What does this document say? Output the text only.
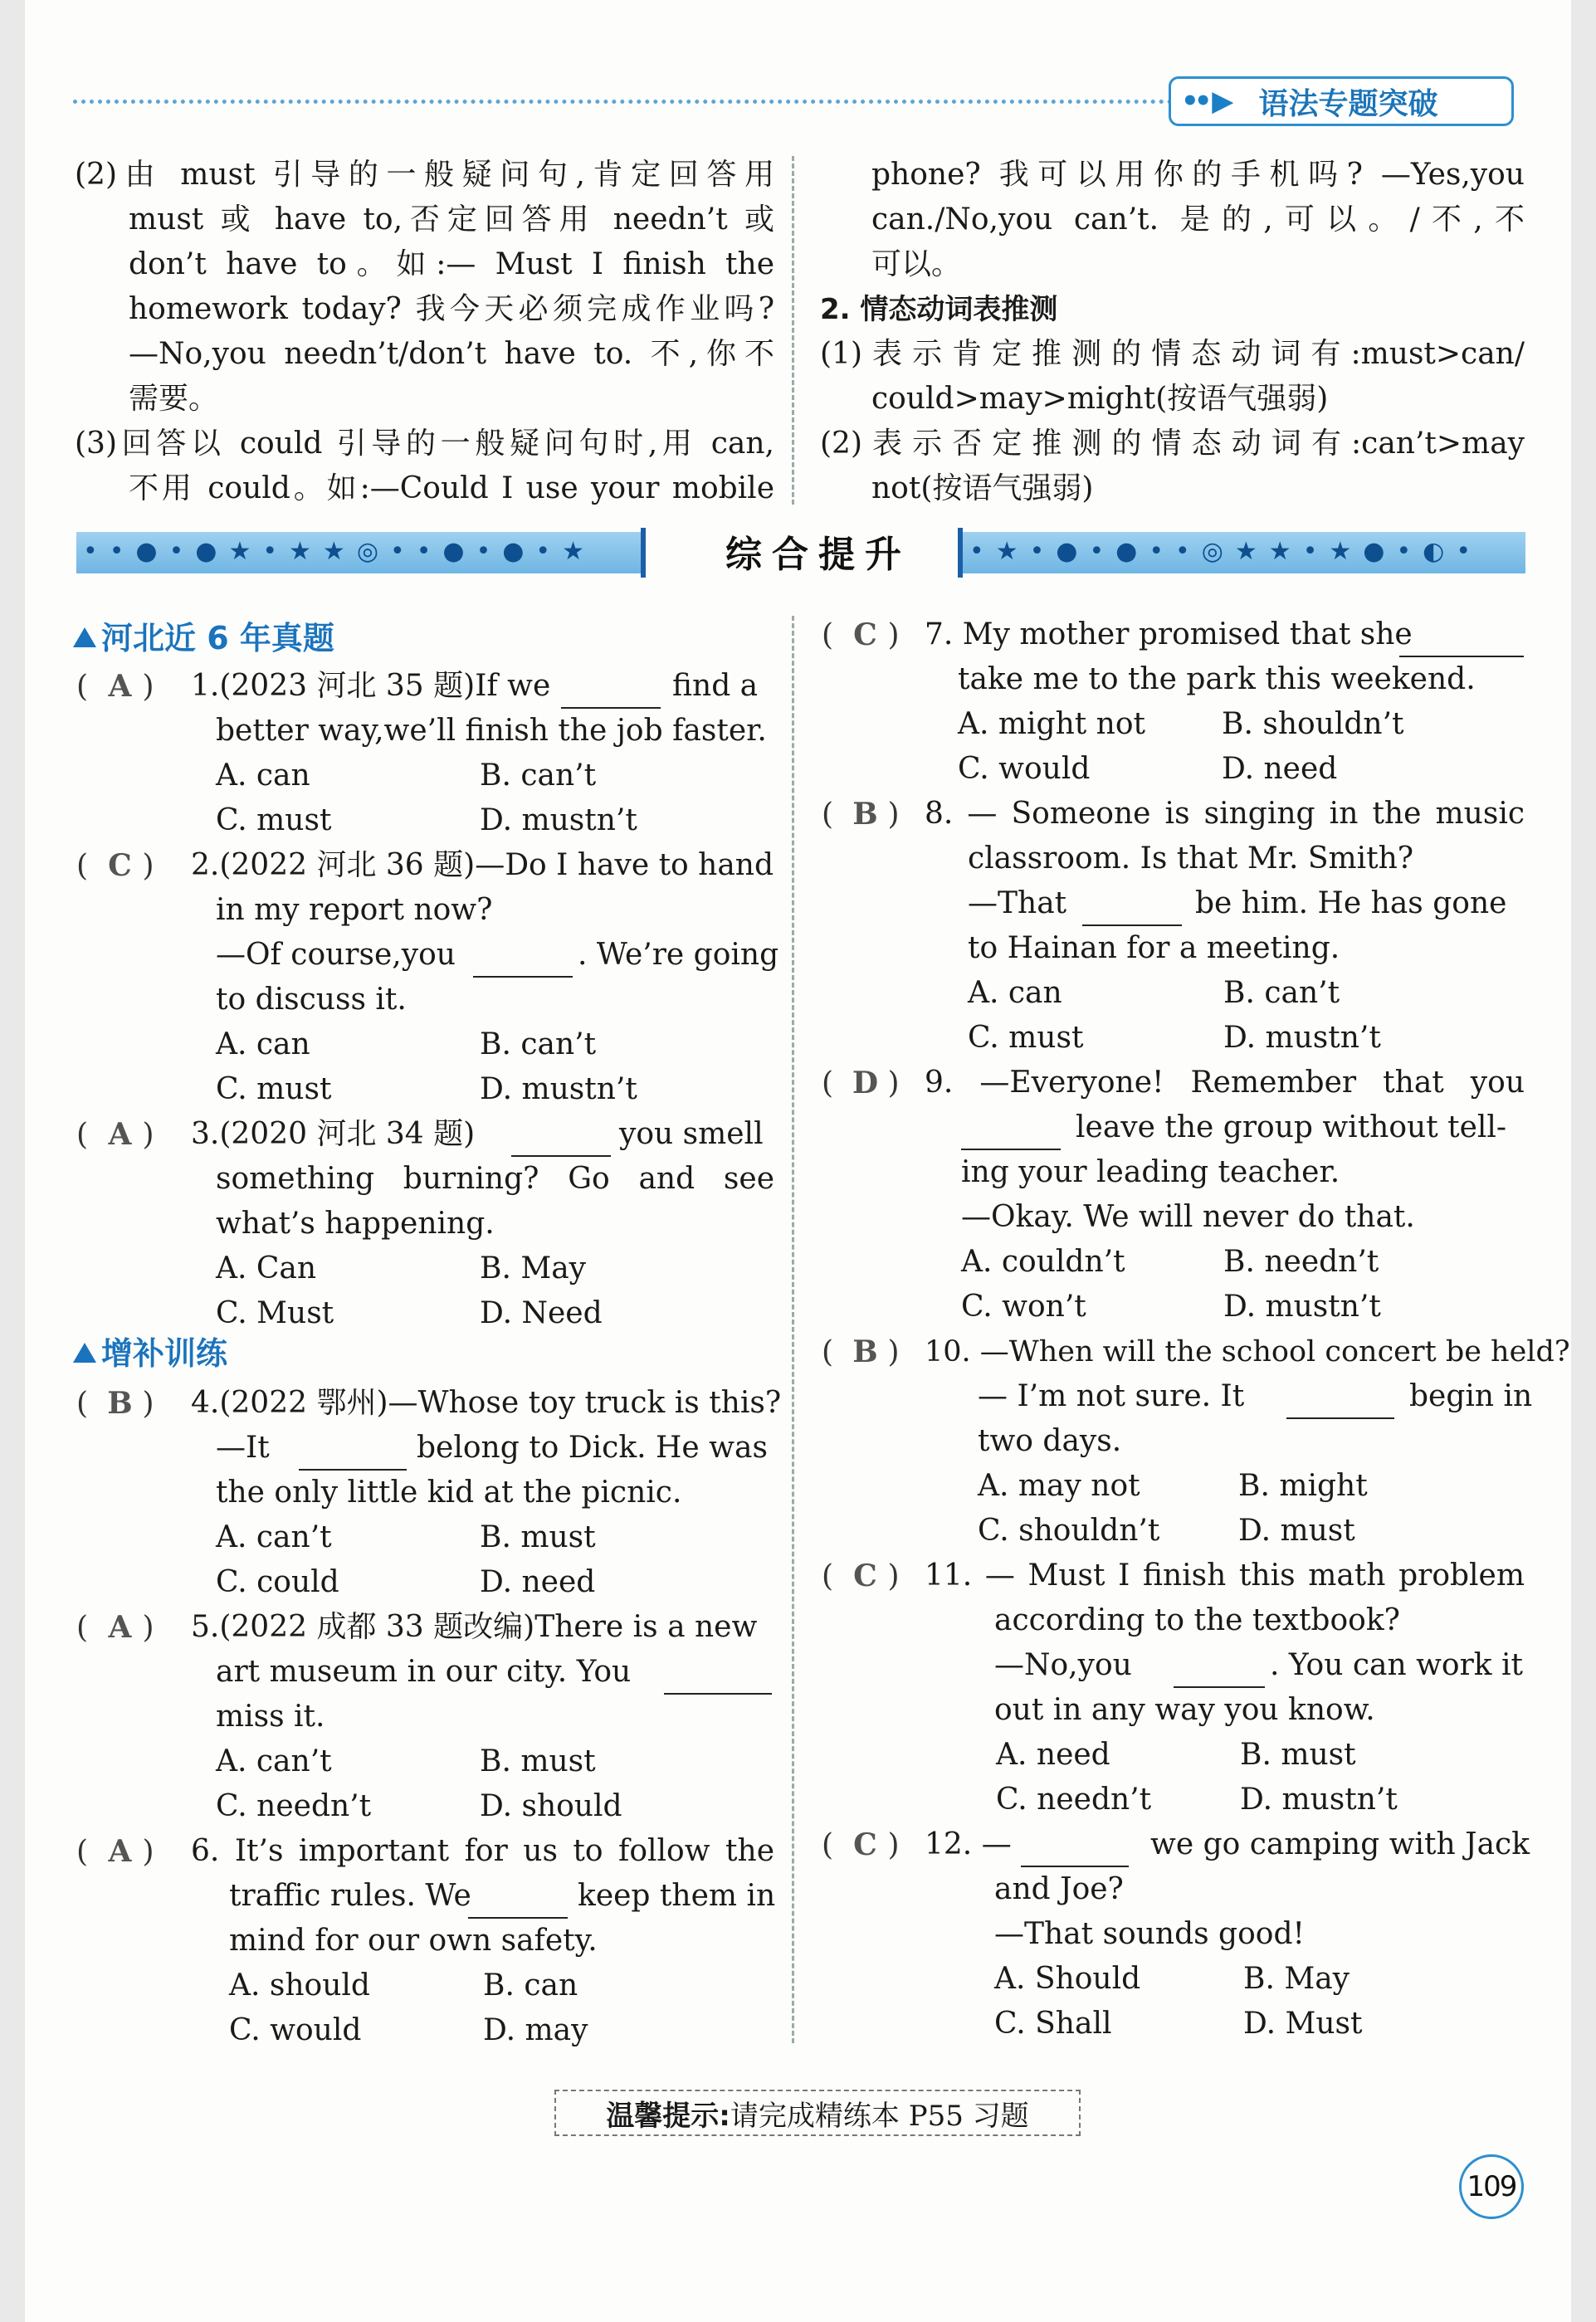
•• ▶ 语法专题突破
(2)由 must 引导的一般疑问句,肯定回答用
must 或 have to,否定回答用 needn’t 或
don’t have to。如:— Must I finish the
homework today? 我今天必须完成作业吗?
—No,you needn’t/don’t have to. 不,你不
需要。
(3)回答以 could 引导的一般疑问句时,用 can,
不用 could。如:—Could I use your mobile
phone? 我可以用你的手机吗? —Yes,you
can./No,you can’t. 是的,可以。/不,不
可以。
2. 情态动词表推测
(1)表示肯定推测的情态动词有:must>can/
could>may>might(按语气强弱)
(2)表示否定推测的情态动词有:can’t>may
not(按语气强弱)
••●•●★•★★◎••●•●•★	综合提升	•★•●•●••◎★★•★●•◐•
河北近 6 年真题
( A ) 1.(2023 河北 35 题)If we	find a
better way,we’ll finish the job faster.
A. can	B. can’t
C. must	D. mustn’t
( C ) 2.(2022 河北 36 题)—Do I have to hand
in my report now?
—Of course,you	. We’re going
to discuss it.
A. can	B. can’t
C. must	D. mustn’t
( A ) 3.(2020 河北 34 题)	you smell
something burning? Go and see
what’s happening.
A. Can	B. May
C. Must	D. Need
增补训练
( B ) 4.(2022 鄂州)—Whose toy truck is this?
—It	belong to Dick. He was
the only little kid at the picnic.
A. can’t	B. must
C. could	D. need
( A ) 5.(2022 成都 33 题改编)There is a new
art museum in our city. You
miss it.
A. can’t	B. must
C. needn’t	D. should
( A ) 6. It’s important for us to follow the
traffic rules. We	keep them in
mind for our own safety.
A. should	B. can
C. would	D. may
( C ) 7. My mother promised that she
take me to the park this weekend.
A. might not	B. shouldn’t
C. would	D. need
( B ) 8. — Someone is singing in the music
classroom. Is that Mr. Smith?
—That	be him. He has gone
to Hainan for a meeting.
A. can	B. can’t
C. must	D. mustn’t
( D ) 9. —Everyone! Remember that you
leave the group without tell-
ing your leading teacher.
—Okay. We will never do that.
A. couldn’t	B. needn’t
C. won’t	D. mustn’t
( B ) 10. —When will the school concert be held?
— I’m not sure. It	begin in
two days.
A. may not	B. might
C. shouldn’t	D. must
( C ) 11. — Must I finish this math problem
according to the textbook?
—No,you	. You can work it
out in any way you know.
A. need	B. must
C. needn’t	D. mustn’t
( C ) 12. —	we go camping with Jack
and Joe?
—That sounds good!
A. Should	B. May
C. Shall	D. Must
温馨提示: 请完成精练本 P55 习题
109
